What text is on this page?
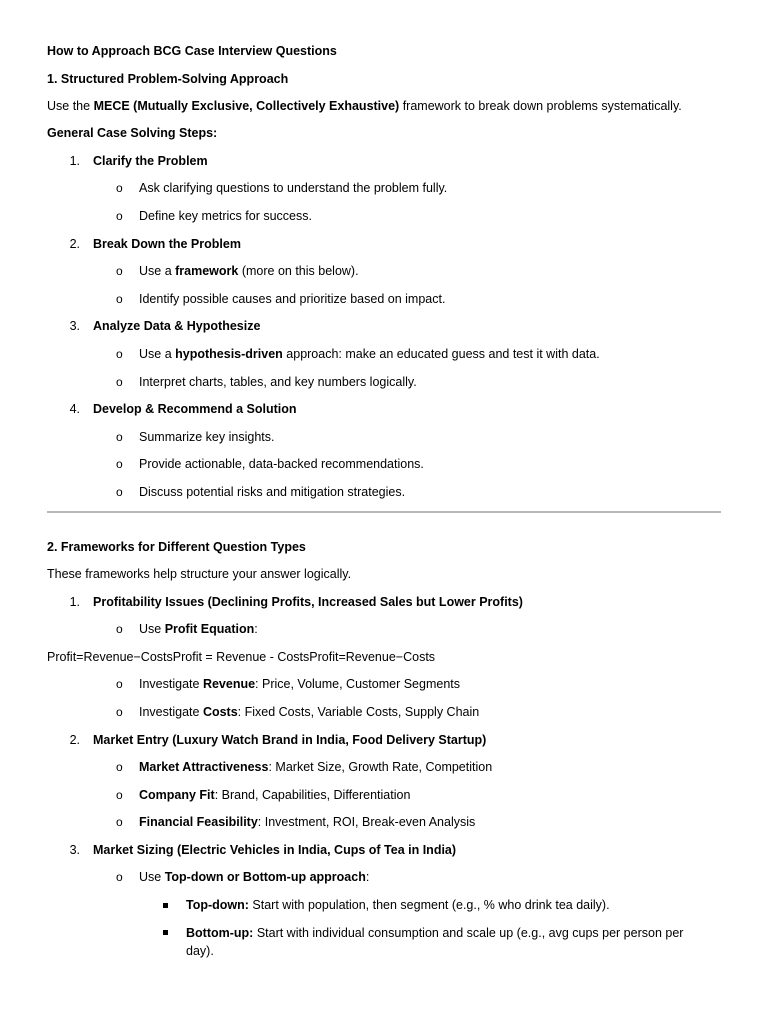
How to Approach BCG Case Interview Questions
1. Structured Problem-Solving Approach
Use the MECE (Mutually Exclusive, Collectively Exhaustive) framework to break down problems systematically.
General Case Solving Steps:
1. Clarify the Problem
o Ask clarifying questions to understand the problem fully.
o Define key metrics for success.
2. Break Down the Problem
o Use a framework (more on this below).
o Identify possible causes and prioritize based on impact.
3. Analyze Data & Hypothesize
o Use a hypothesis-driven approach: make an educated guess and test it with data.
o Interpret charts, tables, and key numbers logically.
4. Develop & Recommend a Solution
o Summarize key insights.
o Provide actionable, data-backed recommendations.
o Discuss potential risks and mitigation strategies.
2. Frameworks for Different Question Types
These frameworks help structure your answer logically.
1. Profitability Issues (Declining Profits, Increased Sales but Lower Profits)
o Use Profit Equation:
Profit=Revenue−CostsProfit = Revenue - CostsProfit=Revenue−Costs
o Investigate Revenue: Price, Volume, Customer Segments
o Investigate Costs: Fixed Costs, Variable Costs, Supply Chain
2. Market Entry (Luxury Watch Brand in India, Food Delivery Startup)
o Market Attractiveness: Market Size, Growth Rate, Competition
o Company Fit: Brand, Capabilities, Differentiation
o Financial Feasibility: Investment, ROI, Break-even Analysis
3. Market Sizing (Electric Vehicles in India, Cups of Tea in India)
o Use Top-down or Bottom-up approach:
Top-down: Start with population, then segment (e.g., % who drink tea daily).
Bottom-up: Start with individual consumption and scale up (e.g., avg cups per person per day).
